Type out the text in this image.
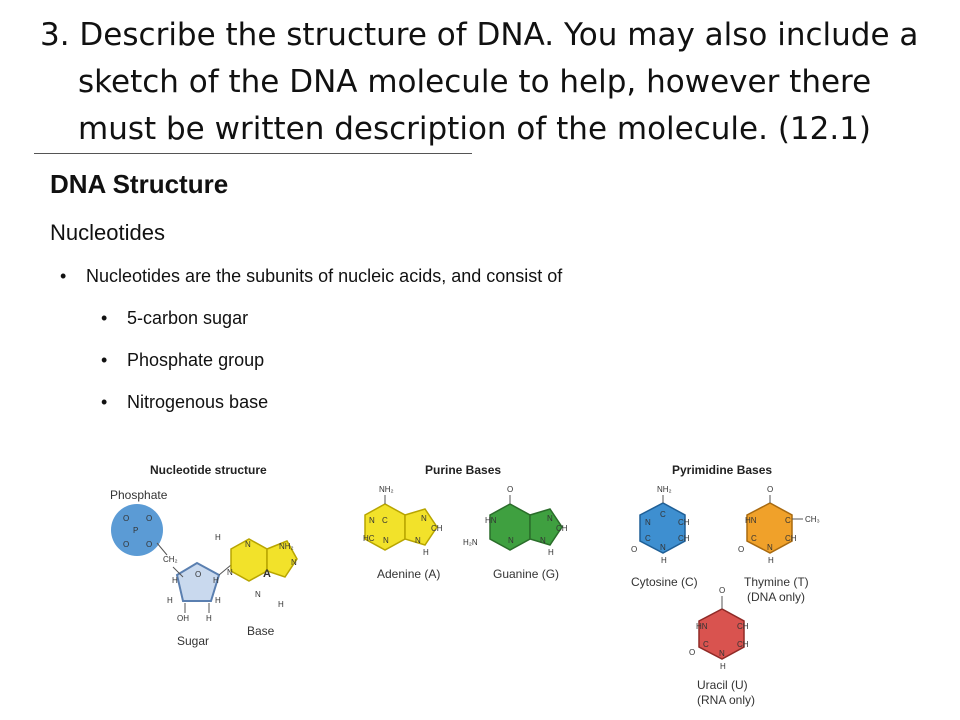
3. Describe the structure of DNA. You may also include a
sketch of the DNA molecule to help, however there
must be written description of the molecule. (12.1)
DNA Structure
Nucleotides
• Nucleotides are the subunits of nucleic acids, and consist of
• 5-carbon sugar
• Phosphate group
• Nitrogenous base
Nucleotide structure	Purine Bases	Pyrimidine Bases
Phosphate
P
O O
O O
CH₂
O
H	H
H	H
OH H
Sugar
H
N
N
NH₂
N
A
N
H
Base
NH₂
N C	N
CH
HC N	N
H
Adenine (A)
O
HN	N
CH
H₂N	N	N
H
Guanine (G)
NH₂
C
N	CH
C	CH
N
O
H
Cytosine (C)
O
HN	C CH₃
C	CH
N
O
H
Thymine (T)
(DNA only)
O
HN	CH
C	CH
N
O
H
Uracil (U)
(RNA only)
